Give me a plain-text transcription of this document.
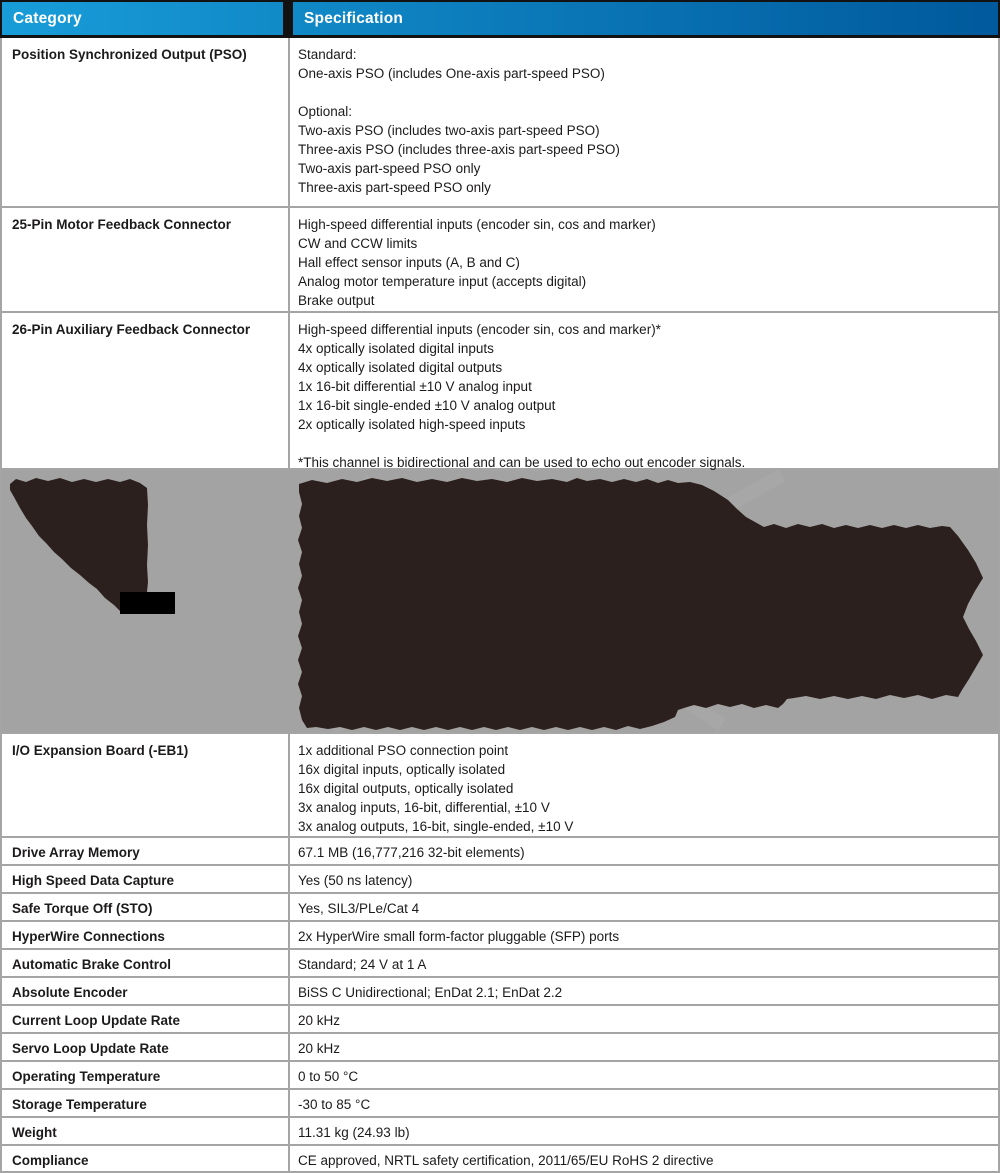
Category	Specification
Position Synchronized Output (PSO)	Standard:
One-axis PSO (includes One-axis part-speed PSO)
Optional:
Two-axis PSO (includes two-axis part-speed PSO)
Three-axis PSO (includes three-axis part-speed PSO)
Two-axis part-speed PSO only
Three-axis part-speed PSO only
25-Pin Motor Feedback Connector	High-speed differential inputs (encoder sin, cos and marker)
CW and CCW limits
Hall effect sensor inputs (A, B and C)
Analog motor temperature input (accepts digital)
Brake output
26-Pin Auxiliary Feedback Connector	High-speed differential inputs (encoder sin, cos and marker)*
4x optically isolated digital inputs
4x optically isolated digital outputs
1x 16-bit differential ±10 V analog input
1x 16-bit single-ended ±10 V analog output
2x optically isolated high-speed inputs
*This channel is bidirectional and can be used to echo out encoder signals.
I/O Expansion Board (-EB1)	1x additional PSO connection point
16x digital inputs, optically isolated
16x digital outputs, optically isolated
3x analog inputs, 16-bit, differential, ±10 V
3x analog outputs, 16-bit, single-ended, ±10 V
Drive Array Memory	67.1 MB (16,777,216 32-bit elements)
High Speed Data Capture	Yes (50 ns latency)
Safe Torque Off (STO)	Yes, SIL3/PLe/Cat 4
HyperWire Connections	2x HyperWire small form-factor pluggable (SFP) ports
Automatic Brake Control	Standard; 24 V at 1 A
Absolute Encoder	BiSS C Unidirectional; EnDat 2.1; EnDat 2.2
Current Loop Update Rate	20 kHz
Servo Loop Update Rate	20 kHz
Operating Temperature	0 to 50 °C
Storage Temperature	-30 to 85 °C
Weight	11.31 kg (24.93 lb)
Compliance	CE approved, NRTL safety certification, 2011/65/EU RoHS 2 directive
